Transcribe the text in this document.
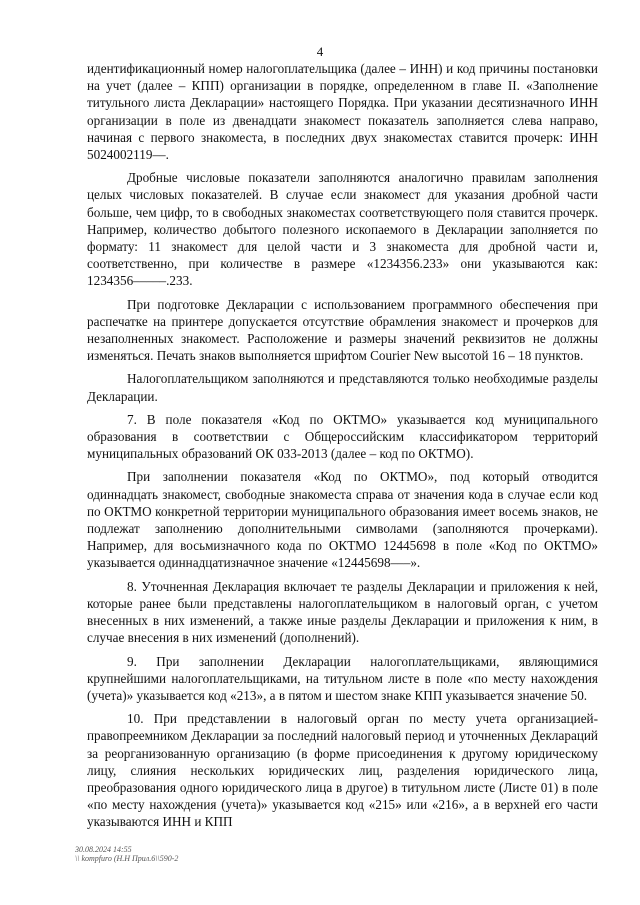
4

идентификационный номер налогоплательщика (далее – ИНН) и код причины постановки на учет (далее – КПП) организации в порядке, определенном в главе II. «Заполнение титульного листа Декларации» настоящего Порядка. При указании десятизначного ИНН организации в поле из двенадцати знакомест показатель заполняется слева направо, начиная с первого знакоместа, в последних двух знакоместах ставится прочерк: ИНН 5024002119––.

Дробные числовые показатели заполняются аналогично правилам заполнения целых числовых показателей. В случае если знакомест для указания дробной части больше, чем цифр, то в свободных знакоместах соответствующего поля ставится прочерк. Например, количество добытого полезного ископаемого в Декларации заполняется по формату: 11 знакомест для целой части и 3 знакоместа для дробной части и, соответственно, при количестве в размере «1234356.233» они указываются как: 1234356–––––.233.

При подготовке Декларации с использованием программного обеспечения при распечатке на принтере допускается отсутствие обрамления знакомест и прочерков для незаполненных знакомест. Расположение и размеры значений реквизитов не должны изменяться. Печать знаков выполняется шрифтом Courier New высотой 16 – 18 пунктов.

Налогоплательщиком заполняются и представляются только необходимые разделы Декларации.

7. В поле показателя «Код по ОКТМО» указывается код муниципального образования в соответствии с Общероссийским классификатором территорий муниципальных образований ОК 033-2013 (далее – код по ОКТМО).

При заполнении показателя «Код по ОКТМО», под который отводится одиннадцать знакомест, свободные знакоместа справа от значения кода в случае если код по ОКТМО конкретной территории муниципального образования имеет восемь знаков, не подлежат заполнению дополнительными символами (заполняются прочерками). Например, для восьмизначного кода по ОКТМО 12445698 в поле «Код по ОКТМО» указывается одиннадцатизначное значение «12445698–––».

8. Уточненная Декларация включает те разделы Декларации и приложения к ней, которые ранее были представлены налогоплательщиком в налоговый орган, с учетом внесенных в них изменений, а также иные разделы Декларации и приложения к ним, в случае внесения в них изменений (дополнений).

9. При заполнении Декларации налогоплательщиками, являющимися крупнейшими налогоплательщиками, на титульном листе в поле «по месту нахождения (учета)» указывается код «213», а в пятом и шестом знаке КПП указывается значение 50.

10. При представлении в налоговый орган по месту учета организацией-правопреемником Декларации за последний налоговый период и уточненных Деклараций за реорганизованную организацию (в форме присоединения к другому юридическому лицу, слияния нескольких юридических лиц, разделения юридического лица, преобразования одного юридического лица в другое) в титульном листе (Листе 01) в поле «по месту нахождения (учета)» указывается код «215» или «216», а в верхней его части указываются ИНН и КПП

30.08.2024 14:55
\\ kompfuro (Н.Н Прил.6\\590-2
